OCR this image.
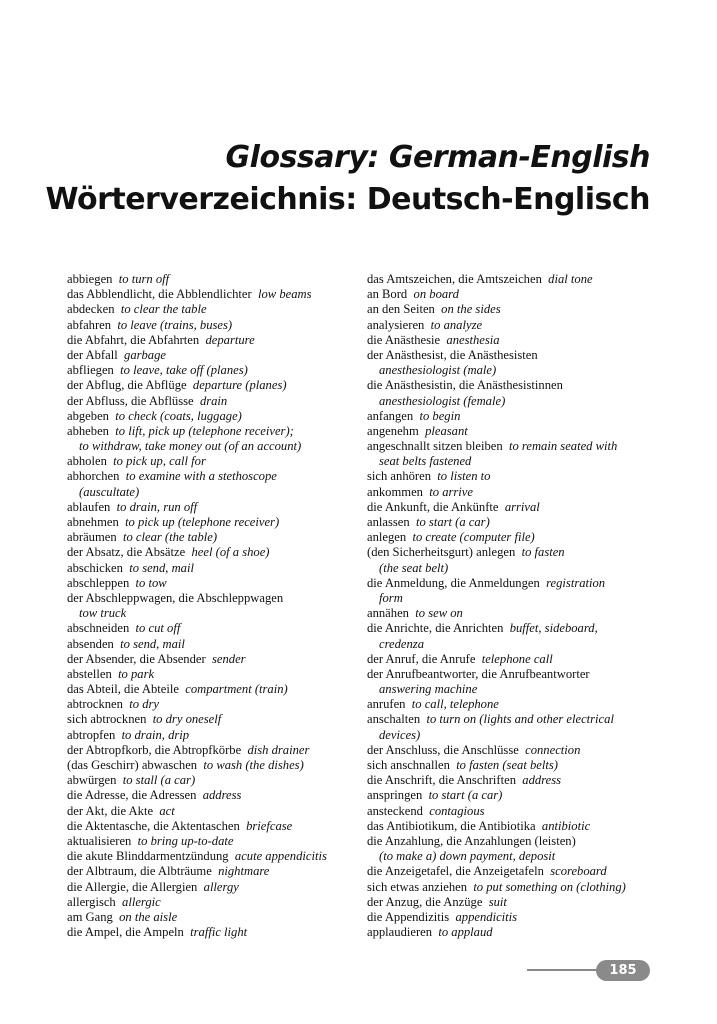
Glossary: German-English
Wörterverzeichnis: Deutsch-Englisch
abbiegen to turn off
das Abblendlicht, die Abblendlichter low beams
abdecken to clear the table
abfahren to leave (trains, buses)
die Abfahrt, die Abfahrten departure
der Abfall garbage
abfliegen to leave, take off (planes)
der Abflug, die Abflüge departure (planes)
der Abfluss, die Abflüsse drain
abgeben to check (coats, luggage)
abheben to lift, pick up (telephone receiver);
to withdraw, take money out (of an account)
abholen to pick up, call for
abhorchen to examine with a stethoscope
(auscultate)
ablaufen to drain, run off
abnehmen to pick up (telephone receiver)
abräumen to clear (the table)
der Absatz, die Absätze heel (of a shoe)
abschicken to send, mail
abschleppen to tow
der Abschleppwagen, die Abschleppwagen
tow truck
abschneiden to cut off
absenden to send, mail
der Absender, die Absender sender
abstellen to park
das Abteil, die Abteile compartment (train)
abtrocknen to dry
sich abtrocknen to dry oneself
abtropfen to drain, drip
der Abtropfkorb, die Abtropfkörbe dish drainer
(das Geschirr) abwaschen to wash (the dishes)
abwürgen to stall (a car)
die Adresse, die Adressen address
der Akt, die Akte act
die Aktentasche, die Aktentaschen briefcase
aktualisieren to bring up-to-date
die akute Blinddarmentzündung acute appendicitis
der Albtraum, die Albträume nightmare
die Allergie, die Allergien allergy
allergisch allergic
am Gang on the aisle
die Ampel, die Ampeln traffic light
das Amtszeichen, die Amtszeichen dial tone
an Bord on board
an den Seiten on the sides
analysieren to analyze
die Anästhesie anesthesia
der Anästhesist, die Anästhesisten
anesthesiologist (male)
die Anästhesistin, die Anästhesistinnen
anesthesiologist (female)
anfangen to begin
angenehm pleasant
angeschnallt sitzen bleiben to remain seated with
seat belts fastened
sich anhören to listen to
ankommen to arrive
die Ankunft, die Ankünfte arrival
anlassen to start (a car)
anlegen to create (computer file)
(den Sicherheitsgurt) anlegen to fasten
(the seat belt)
die Anmeldung, die Anmeldungen registration
form
annähen to sew on
die Anrichte, die Anrichten buffet, sideboard,
credenza
der Anruf, die Anrufe telephone call
der Anrufbeantworter, die Anrufbeantworter
answering machine
anrufen to call, telephone
anschalten to turn on (lights and other electrical
devices)
der Anschluss, die Anschlüsse connection
sich anschnallen to fasten (seat belts)
die Anschrift, die Anschriften address
anspringen to start (a car)
ansteckend contagious
das Antibiotikum, die Antibiotika antibiotic
die Anzahlung, die Anzahlungen (leisten)
(to make a) down payment, deposit
die Anzeigetafel, die Anzeigetafeln scoreboard
sich etwas anziehen to put something on (clothing)
der Anzug, die Anzüge suit
die Appendizitis appendicitis
applaudieren to applaud
185
